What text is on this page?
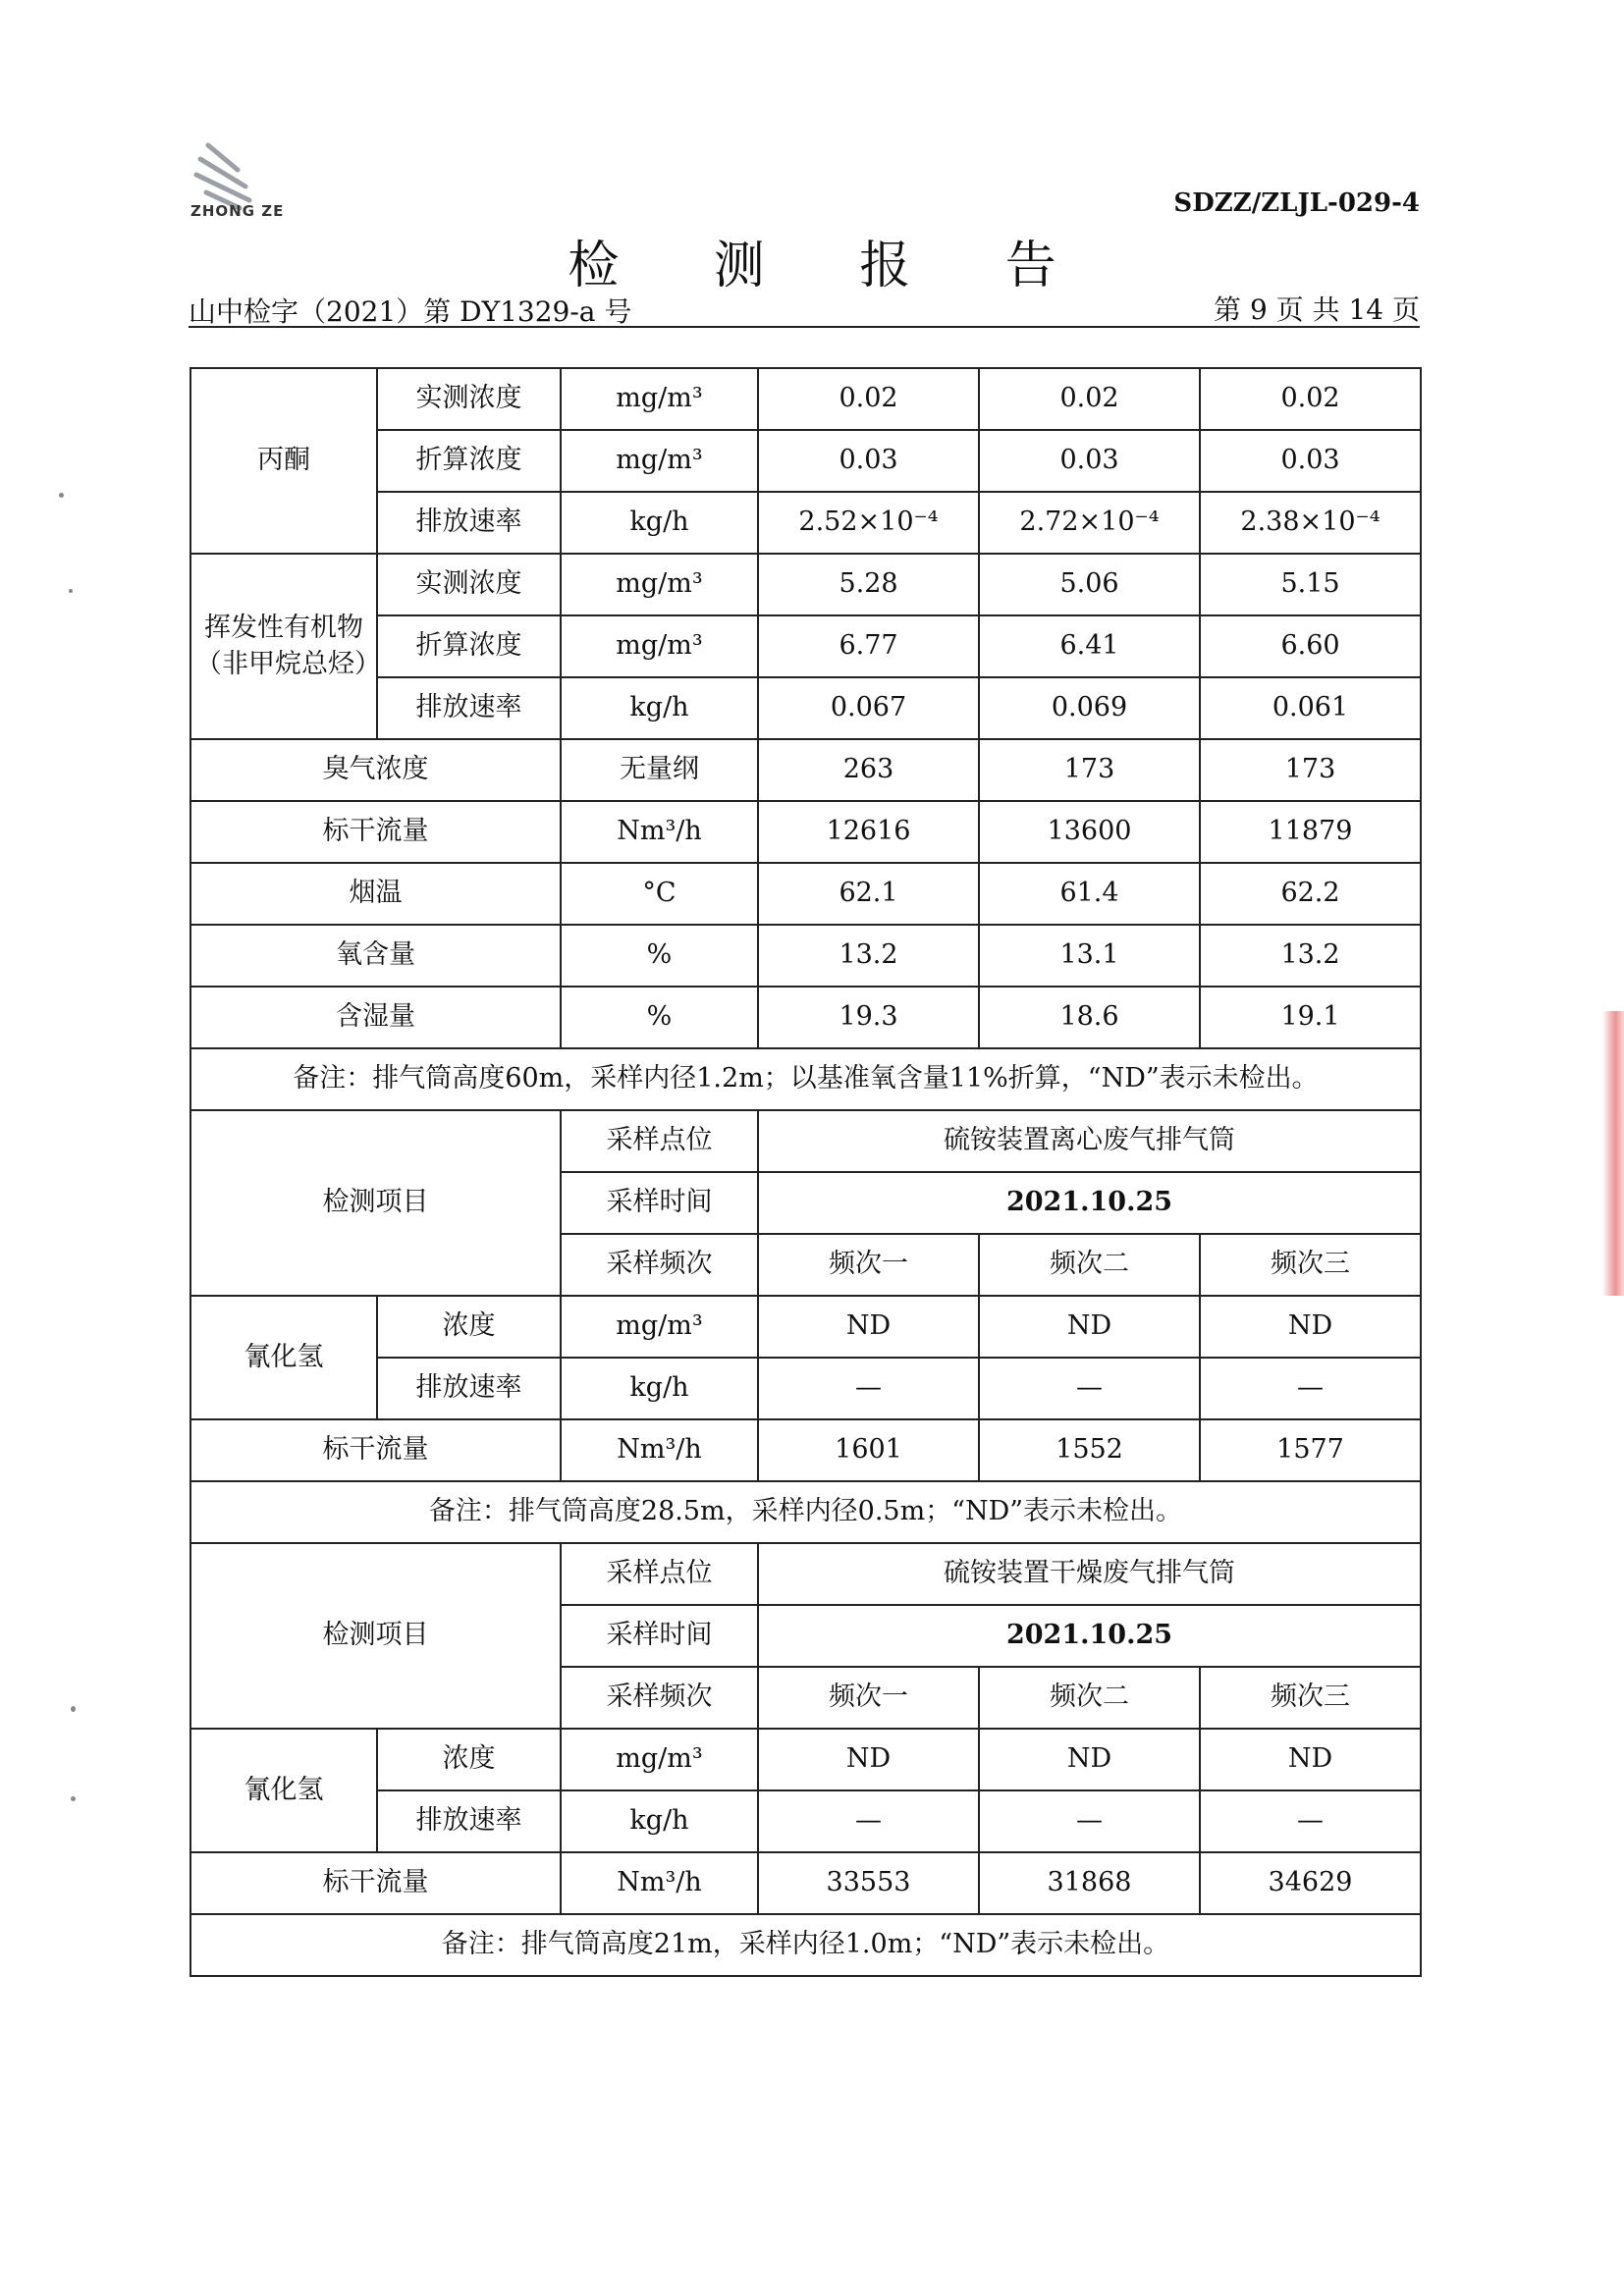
ZHONG ZE	SDZZ/ZLJL-029-4
检 测 报 告
山中检字（2021）第 DY1329-a 号	第 9 页 共 14 页
丙酮	实测浓度	mg/m³	0.02	0.02	0.02
	折算浓度	mg/m³	0.03	0.03	0.03
	排放速率	kg/h	2.52×10⁻⁴	2.72×10⁻⁴	2.38×10⁻⁴
挥发性有机物（非甲烷总烃）	实测浓度	mg/m³	5.28	5.06	5.15
	折算浓度	mg/m³	6.77	6.41	6.60
	排放速率	kg/h	0.067	0.069	0.061
臭气浓度		无量纲	263	173	173
标干流量		Nm³/h	12616	13600	11879
烟温		°C	62.1	61.4	62.2
氧含量		%	13.2	13.1	13.2
含湿量		%	19.3	18.6	19.1
备注：排气筒高度60m，采样内径1.2m；以基准氧含量11%折算，“ND”表示未检出。					
检测项目		采样点位	硫铵装置离心废气排气筒		
		采样时间	2021.10.25		
		采样频次	频次一	频次二	频次三
氰化氢	浓度	mg/m³	ND	ND	ND
	排放速率	kg/h	—	—	—
标干流量		Nm³/h	1601	1552	1577
备注：排气筒高度28.5m，采样内径0.5m；“ND”表示未检出。					
检测项目		采样点位	硫铵装置干燥废气排气筒		
		采样时间	2021.10.25		
		采样频次	频次一	频次二	频次三
氰化氢	浓度	mg/m³	ND	ND	ND
	排放速率	kg/h	—	—	—
标干流量		Nm³/h	33553	31868	34629
备注：排气筒高度21m，采样内径1.0m；“ND”表示未检出。					
